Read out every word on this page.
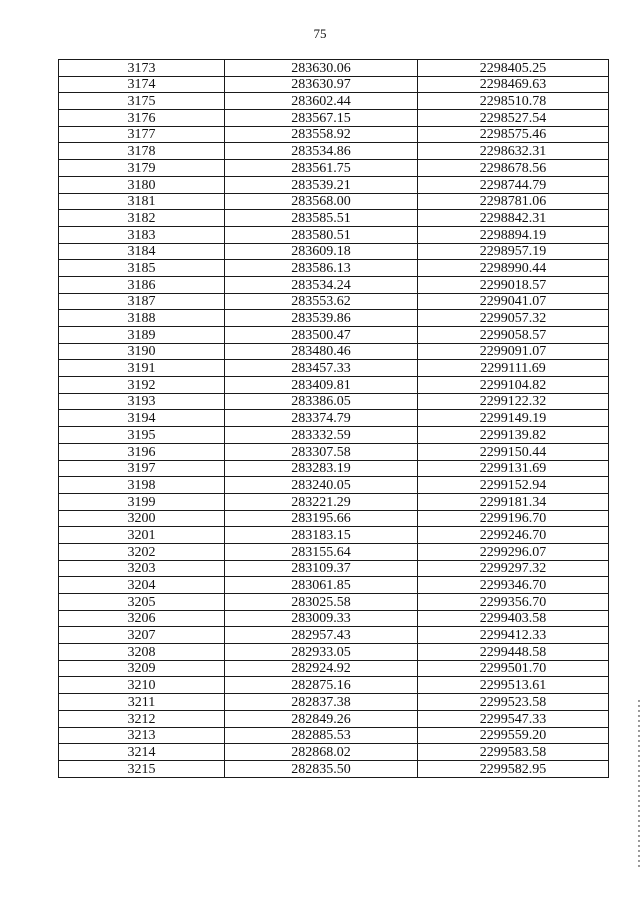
75
3173	283630.06	2298405.25
3174	283630.97	2298469.63
3175	283602.44	2298510.78
3176	283567.15	2298527.54
3177	283558.92	2298575.46
3178	283534.86	2298632.31
3179	283561.75	2298678.56
3180	283539.21	2298744.79
3181	283568.00	2298781.06
3182	283585.51	2298842.31
3183	283580.51	2298894.19
3184	283609.18	2298957.19
3185	283586.13	2298990.44
3186	283534.24	2299018.57
3187	283553.62	2299041.07
3188	283539.86	2299057.32
3189	283500.47	2299058.57
3190	283480.46	2299091.07
3191	283457.33	2299111.69
3192	283409.81	2299104.82
3193	283386.05	2299122.32
3194	283374.79	2299149.19
3195	283332.59	2299139.82
3196	283307.58	2299150.44
3197	283283.19	2299131.69
3198	283240.05	2299152.94
3199	283221.29	2299181.34
3200	283195.66	2299196.70
3201	283183.15	2299246.70
3202	283155.64	2299296.07
3203	283109.37	2299297.32
3204	283061.85	2299346.70
3205	283025.58	2299356.70
3206	283009.33	2299403.58
3207	282957.43	2299412.33
3208	282933.05	2299448.58
3209	282924.92	2299501.70
3210	282875.16	2299513.61
3211	282837.38	2299523.58
3212	282849.26	2299547.33
3213	282885.53	2299559.20
3214	282868.02	2299583.58
3215	282835.50	2299582.95
